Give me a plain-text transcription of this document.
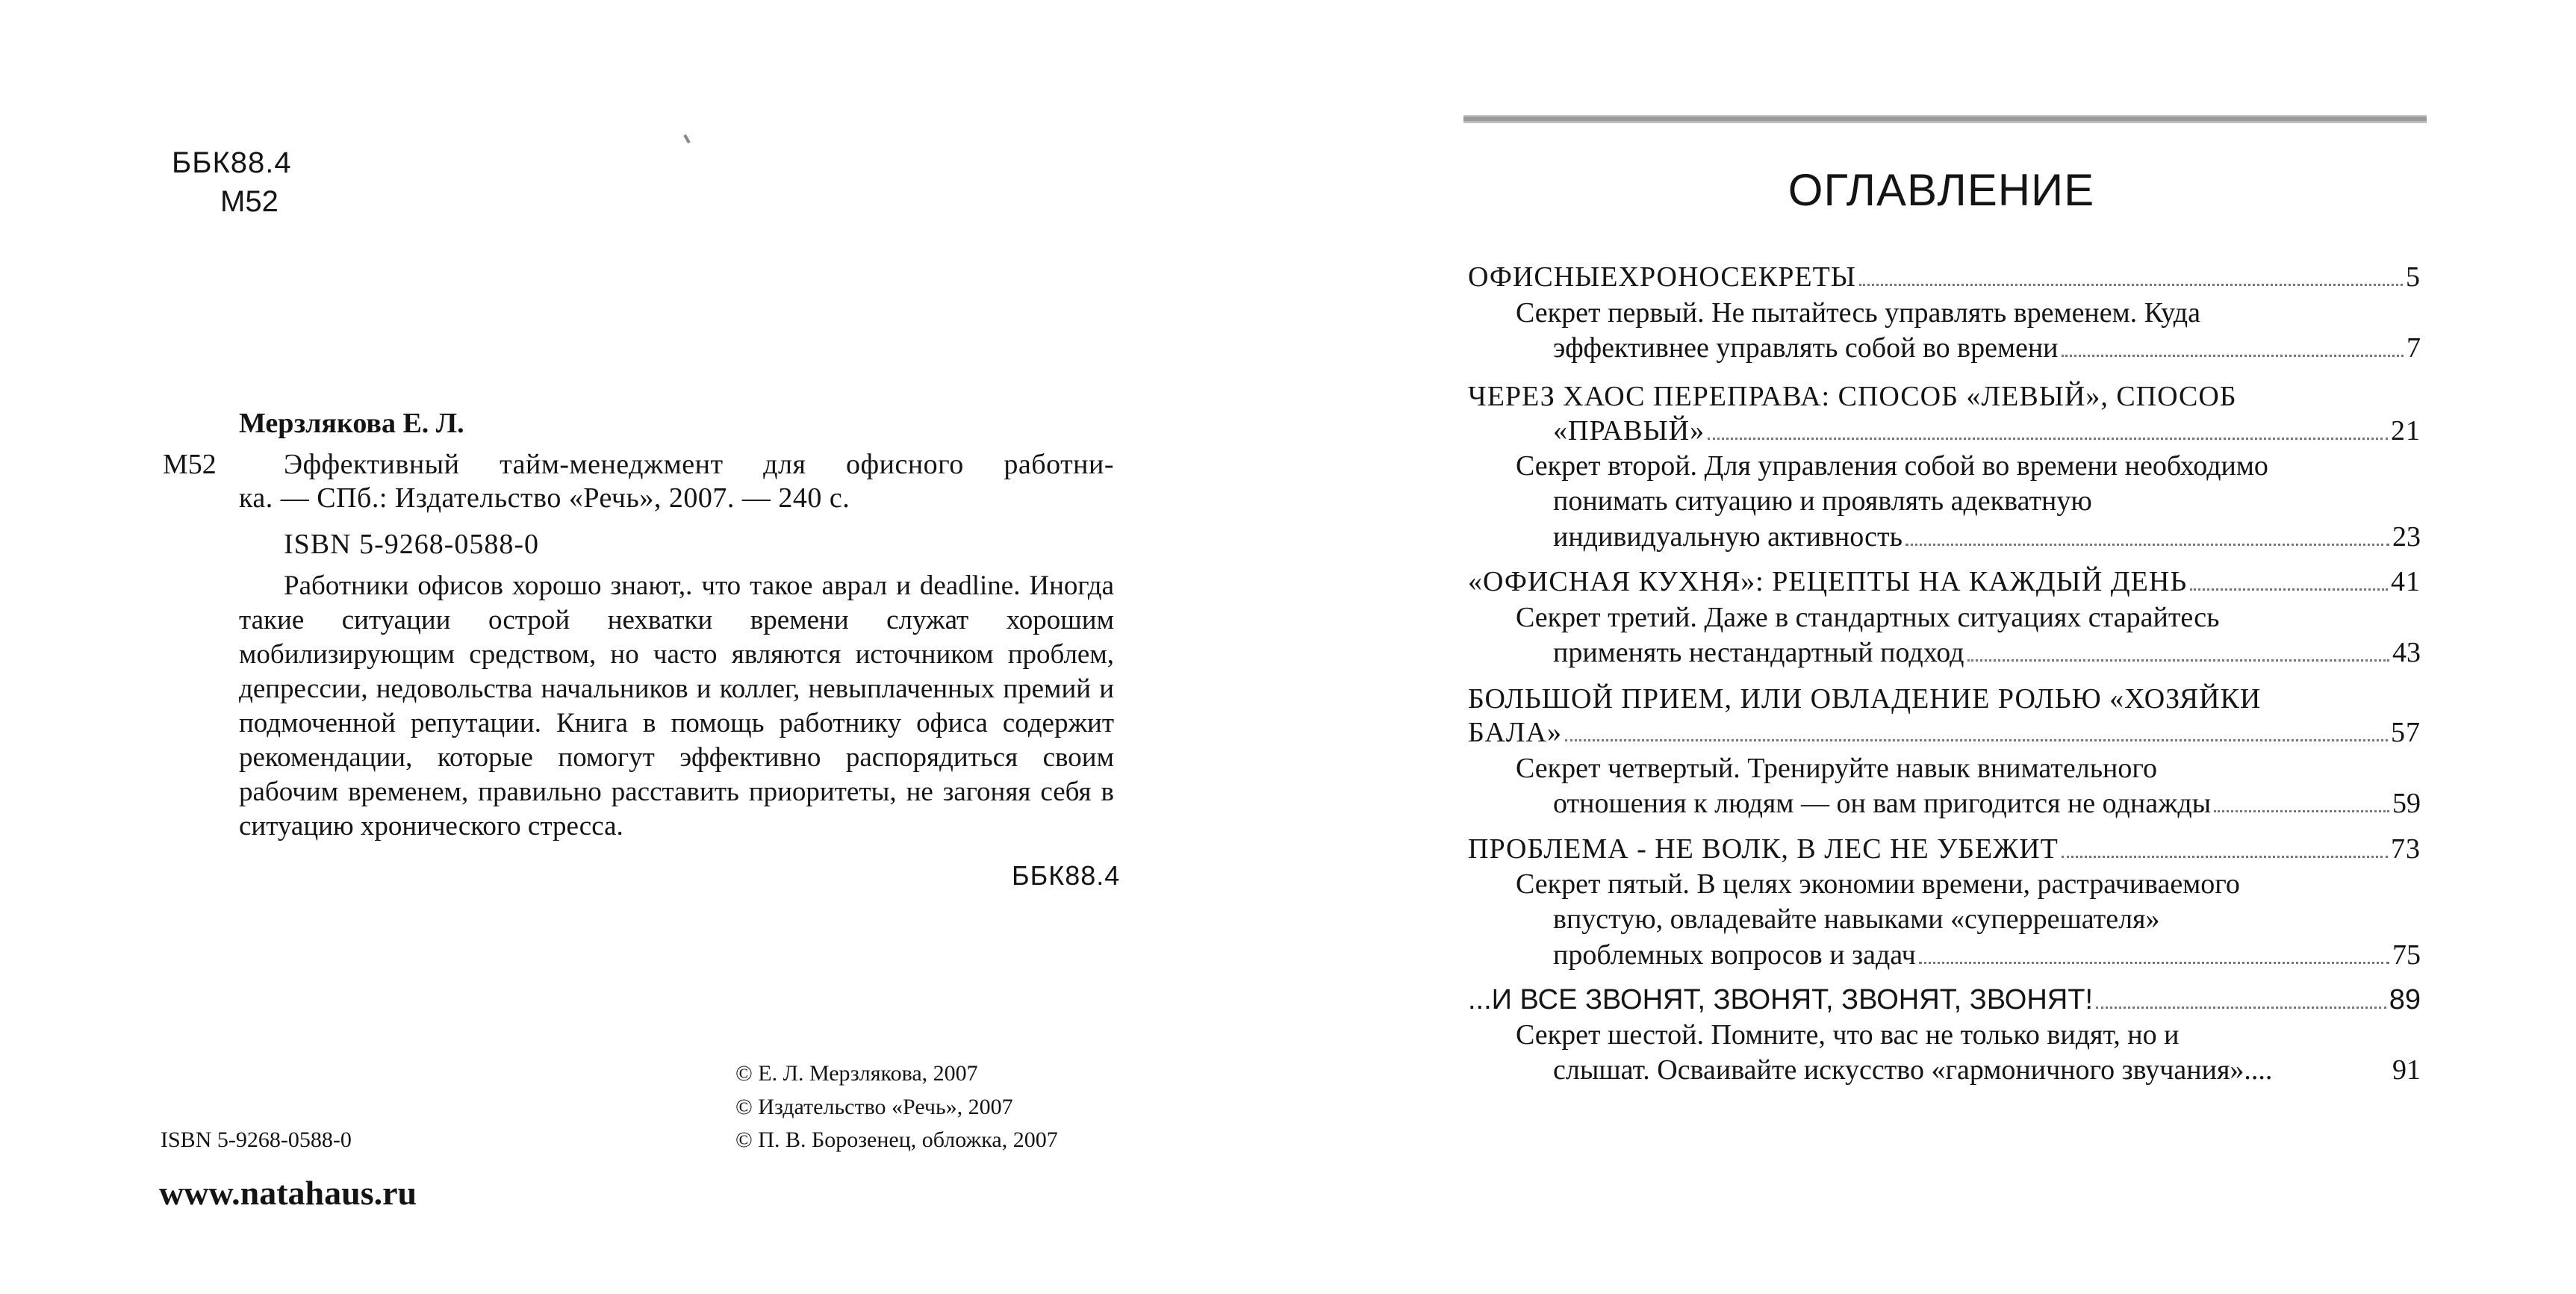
ББК88.4
М52
Мерзлякова Е. Л.
М52 Эффективный тайм-менеджмент для офисного работни-
ка. — СПб.: Издательство «Речь», 2007. — 240 с.
ISBN 5-9268-0588-0
Работники офисов хорошо знают,. что такое аврал и deadline. Иногда такие ситуации острой нехватки времени служат хорошим мобилизирующим средством, но часто являются источником проблем, депрессии, недовольства начальников и коллег, невыплаченных премий и подмоченной репутации. Книга в помощь работнику офиса содержит рекомендации, которые помогут эффективно распорядиться своим рабочим временем, правильно расставить приоритеты, не загоняя себя в ситуацию хронического стресса.
ББК88.4
© Е. Л. Мерзлякова, 2007
© Издательство «Речь», 2007
© П. В. Борозенец, обложка, 2007
ISBN 5-9268-0588-0
www.natahaus.ru
ОГЛАВЛЕНИЕ
ОФИСНЫЕХРОНОСЕКРЕТЫ	5
Секрет первый. Не пытайтесь управлять временем. Куда
эффективнее управлять собой во времени	7
ЧЕРЕЗ ХАОС ПЕРЕПРАВА: СПОСОБ «ЛЕВЫЙ», СПОСОБ
«ПРАВЫЙ»	21
Секрет второй. Для управления собой во времени необходимо
понимать ситуацию и проявлять адекватную
индивидуальную активность	23
«ОФИСНАЯ КУХНЯ»: РЕЦЕПТЫ НА КАЖДЫЙ ДЕНЬ	41
Секрет третий. Даже в стандартных ситуациях старайтесь
применять нестандартный подход	43
БОЛЬШОЙ ПРИЕМ, ИЛИ ОВЛАДЕНИЕ РОЛЬЮ «ХОЗЯЙКИ
БАЛА»	57
Секрет четвертый. Тренируйте навык внимательного
отношения к людям — он вам пригодится не однажды	59
ПРОБЛЕМА - НЕ ВОЛК, В ЛЕС НЕ УБЕЖИТ	73
Секрет пятый. В целях экономии времени, растрачиваемого
впустую, овладевайте навыками «суперрешателя»
проблемных вопросов и задач	75
...И ВСЕ ЗВОНЯТ, ЗВОНЯТ, ЗВОНЯТ, ЗВОНЯТ!	89
Секрет шестой. Помните, что вас не только видят, но и
слышат. Осваивайте искусство «гармоничного звучания»....	91
